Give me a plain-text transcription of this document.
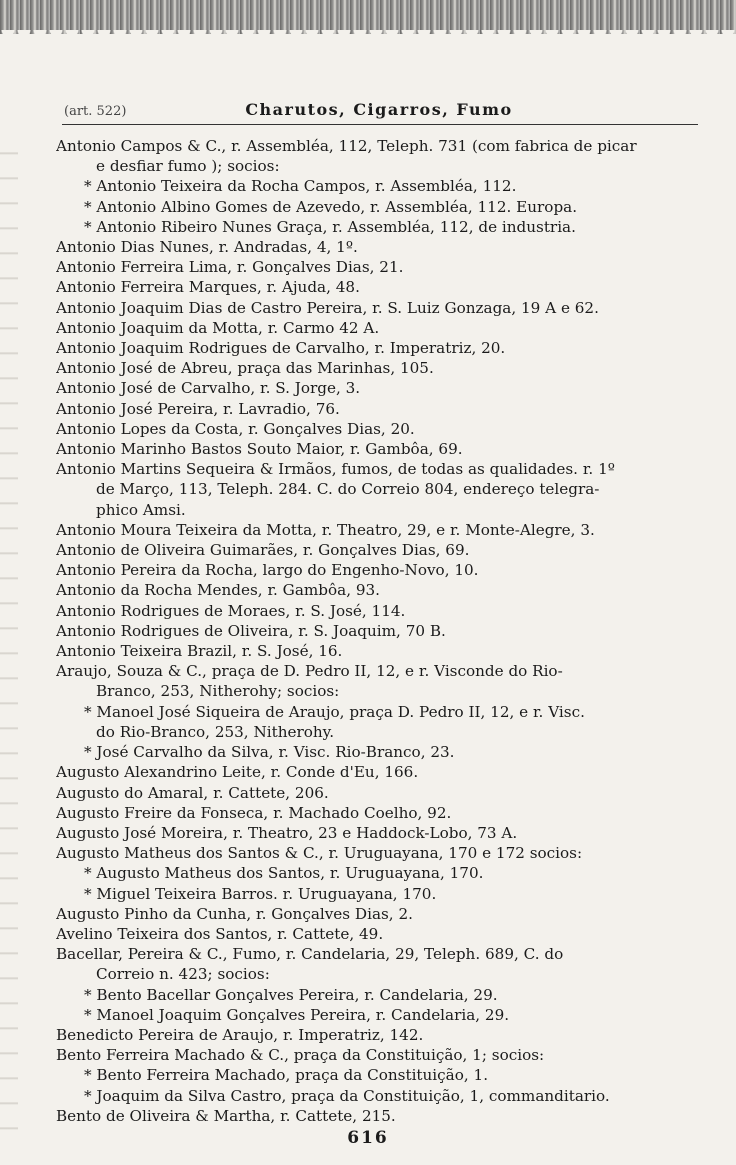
(art. 522)	Charutos, Cigarros, Fumo
Antonio Campos & C., r. Assembléa, 112, Teleph. 731 (com fabrica de picar
e desfiar fumo ); socios:
* Antonio Teixeira da Rocha Campos, r. Assembléa, 112.
* Antonio Albino Gomes de Azevedo, r. Assembléa, 112. Europa.
* Antonio Ribeiro Nunes Graça, r. Assembléa, 112, de industria.
Antonio Dias Nunes, r. Andradas, 4, 1º.
Antonio Ferreira Lima, r. Gonçalves Dias, 21.
Antonio Ferreira Marques, r. Ajuda, 48.
Antonio Joaquim Dias de Castro Pereira, r. S. Luiz Gonzaga, 19 A e 62.
Antonio Joaquim da Motta, r. Carmo 42 A.
Antonio Joaquim Rodrigues de Carvalho, r. Imperatriz, 20.
Antonio José de Abreu, praça das Marinhas, 105.
Antonio José de Carvalho, r. S. Jorge, 3.
Antonio José Pereira, r. Lavradio, 76.
Antonio Lopes da Costa, r. Gonçalves Dias, 20.
Antonio Marinho Bastos Souto Maior, r. Gambôa, 69.
Antonio Martins Sequeira & Irmãos, fumos, de todas as qualidades. r. 1º
de Março, 113, Teleph. 284. C. do Correio 804, endereço telegra-
phico Amsi.
Antonio Moura Teixeira da Motta, r. Theatro, 29, e r. Monte-Alegre, 3.
Antonio de Oliveira Guimarães, r. Gonçalves Dias, 69.
Antonio Pereira da Rocha, largo do Engenho-Novo, 10.
Antonio da Rocha Mendes, r. Gambôa, 93.
Antonio Rodrigues de Moraes, r. S. José, 114.
Antonio Rodrigues de Oliveira, r. S. Joaquim, 70 B.
Antonio Teixeira Brazil, r. S. José, 16.
Araujo, Souza & C., praça de D. Pedro II, 12, e r. Visconde do Rio-
Branco, 253, Nitherohy; socios:
* Manoel José Siqueira de Araujo, praça D. Pedro II, 12, e r. Visc.
do Rio-Branco, 253, Nitherohy.
* José Carvalho da Silva, r. Visc. Rio-Branco, 23.
Augusto Alexandrino Leite, r. Conde d'Eu, 166.
Augusto do Amaral, r. Cattete, 206.
Augusto Freire da Fonseca, r. Machado Coelho, 92.
Augusto José Moreira, r. Theatro, 23 e Haddock-Lobo, 73 A.
Augusto Matheus dos Santos & C., r. Uruguayana, 170 e 172 socios:
* Augusto Matheus dos Santos, r. Uruguayana, 170.
* Miguel Teixeira Barros. r. Uruguayana, 170.
Augusto Pinho da Cunha, r. Gonçalves Dias, 2.
Avelino Teixeira dos Santos, r. Cattete, 49.
Bacellar, Pereira & C., Fumo, r. Candelaria, 29, Teleph. 689, C. do
Correio n. 423; socios:
* Bento Bacellar Gonçalves Pereira, r. Candelaria, 29.
* Manoel Joaquim Gonçalves Pereira, r. Candelaria, 29.
Benedicto Pereira de Araujo, r. Imperatriz, 142.
Bento Ferreira Machado & C., praça da Constituição, 1; socios:
* Bento Ferreira Machado, praça da Constituição, 1.
* Joaquim da Silva Castro, praça da Constituição, 1, commanditario.
Bento de Oliveira & Martha, r. Cattete, 215.
616
